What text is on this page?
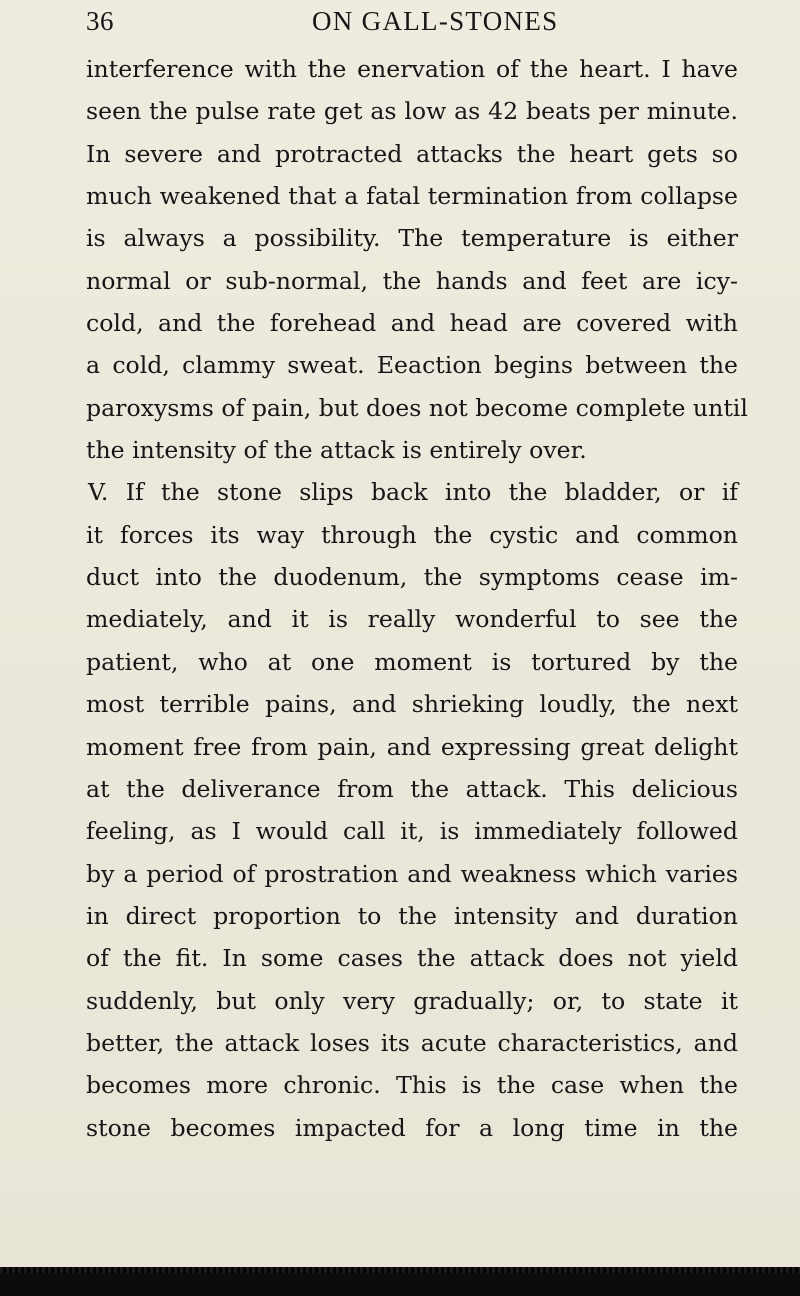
36	ON GALL-STONES
interference with the enervation of the heart. I have
seen the pulse rate get as low as 42 beats per minute.
In severe and protracted attacks the heart gets so
much weakened that a fatal termination from collapse
is always a possibility. The temperature is either
normal or sub-normal, the hands and feet are icy-
cold, and the forehead and head are covered with
a cold, clammy sweat. Eeaction begins between the
paroxysms of pain, but does not become complete until
the intensity of the attack is entirely over.
V. If the stone slips back into the bladder, or if
it forces its way through the cystic and common
duct into the duodenum, the symptoms cease im-
mediately, and it is really wonderful to see the
patient, who at one moment is tortured by the
most terrible pains, and shrieking loudly, the next
moment free from pain, and expressing great delight
at the deliverance from the attack. This delicious
feeling, as I would call it, is immediately followed
by a period of prostration and weakness which varies
in direct proportion to the intensity and duration
of the fit. In some cases the attack does not yield
suddenly, but only very gradually; or, to state it
better, the attack loses its acute characteristics, and
becomes more chronic. This is the case when the
stone becomes impacted for a long time in the
